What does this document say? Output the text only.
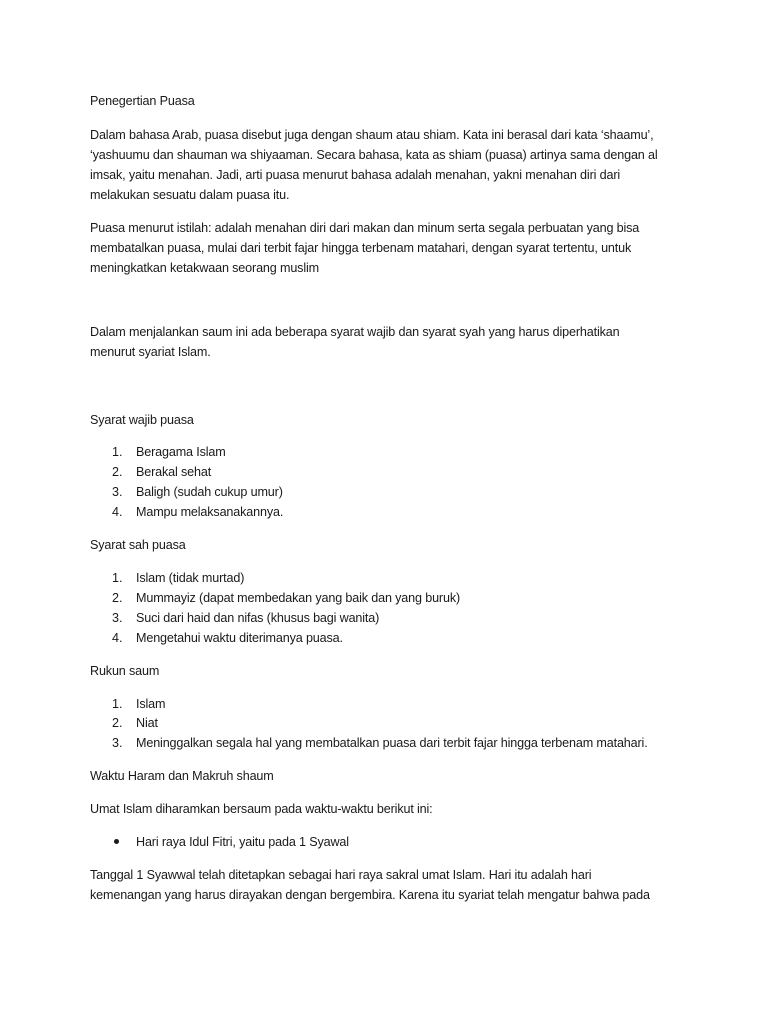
Penegertian Puasa
Dalam bahasa Arab, puasa disebut juga dengan shaum atau shiam. Kata ini berasal dari kata ‘shaamu’,
‘yashuumu dan shauman wa shiyaaman. Secara bahasa, kata as shiam (puasa) artinya sama dengan al
imsak, yaitu menahan. Jadi, arti puasa menurut bahasa adalah menahan, yakni menahan diri dari
melakukan sesuatu dalam puasa itu.
Puasa menurut istilah: adalah menahan diri dari makan dan minum serta segala perbuatan yang bisa
membatalkan puasa, mulai dari terbit fajar hingga terbenam matahari, dengan syarat tertentu, untuk
meningkatkan ketakwaan seorang muslim
Dalam menjalankan saum ini ada beberapa syarat wajib dan syarat syah yang harus diperhatikan
menurut syariat Islam.
Syarat wajib puasa
1. Beragama Islam
2. Berakal sehat
3. Baligh (sudah cukup umur)
4. Mampu melaksanakannya.
Syarat sah puasa
1. Islam (tidak murtad)
2. Mummayiz (dapat membedakan yang baik dan yang buruk)
3. Suci dari haid dan nifas (khusus bagi wanita)
4. Mengetahui waktu diterimanya puasa.
Rukun saum
1. Islam
2. Niat
3. Meninggalkan segala hal yang membatalkan puasa dari terbit fajar hingga terbenam matahari.
Waktu Haram dan Makruh shaum
Umat Islam diharamkan bersaum pada waktu-waktu berikut ini:
Hari raya Idul Fitri, yaitu pada 1 Syawal
Tanggal 1 Syawwal telah ditetapkan sebagai hari raya sakral umat Islam. Hari itu adalah hari
kemenangan yang harus dirayakan dengan bergembira. Karena itu syariat telah mengatur bahwa pada
